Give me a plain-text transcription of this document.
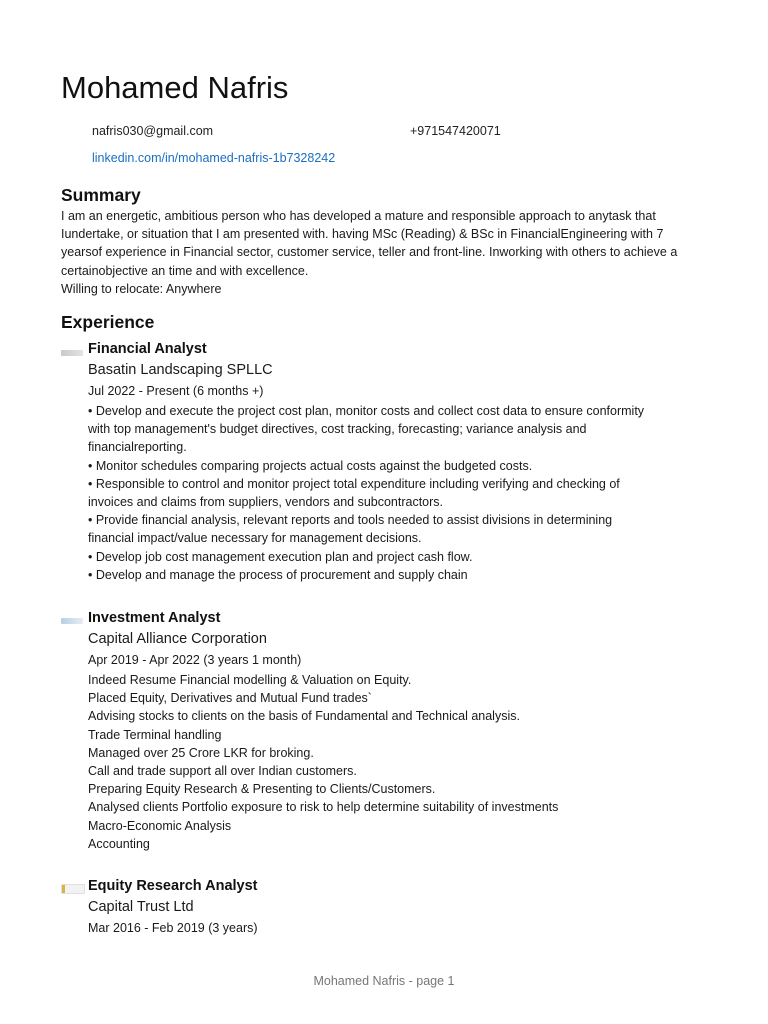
Mohamed Nafris
nafris030@gmail.com	+971547420071
linkedin.com/in/mohamed-nafris-1b7328242
Summary

I am an energetic, ambitious person who has developed a mature and responsible approach to anytask that

Iundertake, or situation that I am presented with. having MSc (Reading) & BSc in FinancialEngineering with 7

yearsof experience in Financial sector, customer service, teller and front-line. Inworking with others to achieve a

certainobjective an time and with excellence.

Willing to relocate: Anywhere

Experience
Financial Analyst
Basatin Landscaping SPLLC
Jul 2022 - Present (6 months +)
• Develop and execute the project cost plan, monitor costs and collect cost data to ensure conformity
with top management's budget directives, cost tracking, forecasting; variance analysis and
financialreporting.
• Monitor schedules comparing projects actual costs against the budgeted costs.
• Responsible to control and monitor project total expenditure including verifying and checking of
invoices and claims from suppliers, vendors and subcontractors.
• Provide financial analysis, relevant reports and tools needed to assist divisions in determining
financial impact/value necessary for management decisions.
• Develop job cost management execution plan and project cash flow.
• Develop and manage the process of procurement and supply chain
Investment Analyst
Capital Alliance Corporation
Apr 2019 - Apr 2022 (3 years 1 month)
Indeed Resume Financial modelling & Valuation on Equity.
Placed Equity, Derivatives and Mutual Fund trades`
Advising stocks to clients on the basis of Fundamental and Technical analysis.
Trade Terminal handling
Managed over 25 Crore LKR for broking.
Call and trade support all over Indian customers.
Preparing Equity Research & Presenting to Clients/Customers.
Analysed clients Portfolio exposure to risk to help determine suitability of investments
Macro-Economic Analysis
Accounting
Equity Research Analyst
Capital Trust Ltd
Mar 2016 - Feb 2019 (3 years)
Mohamed Nafris - page 1
